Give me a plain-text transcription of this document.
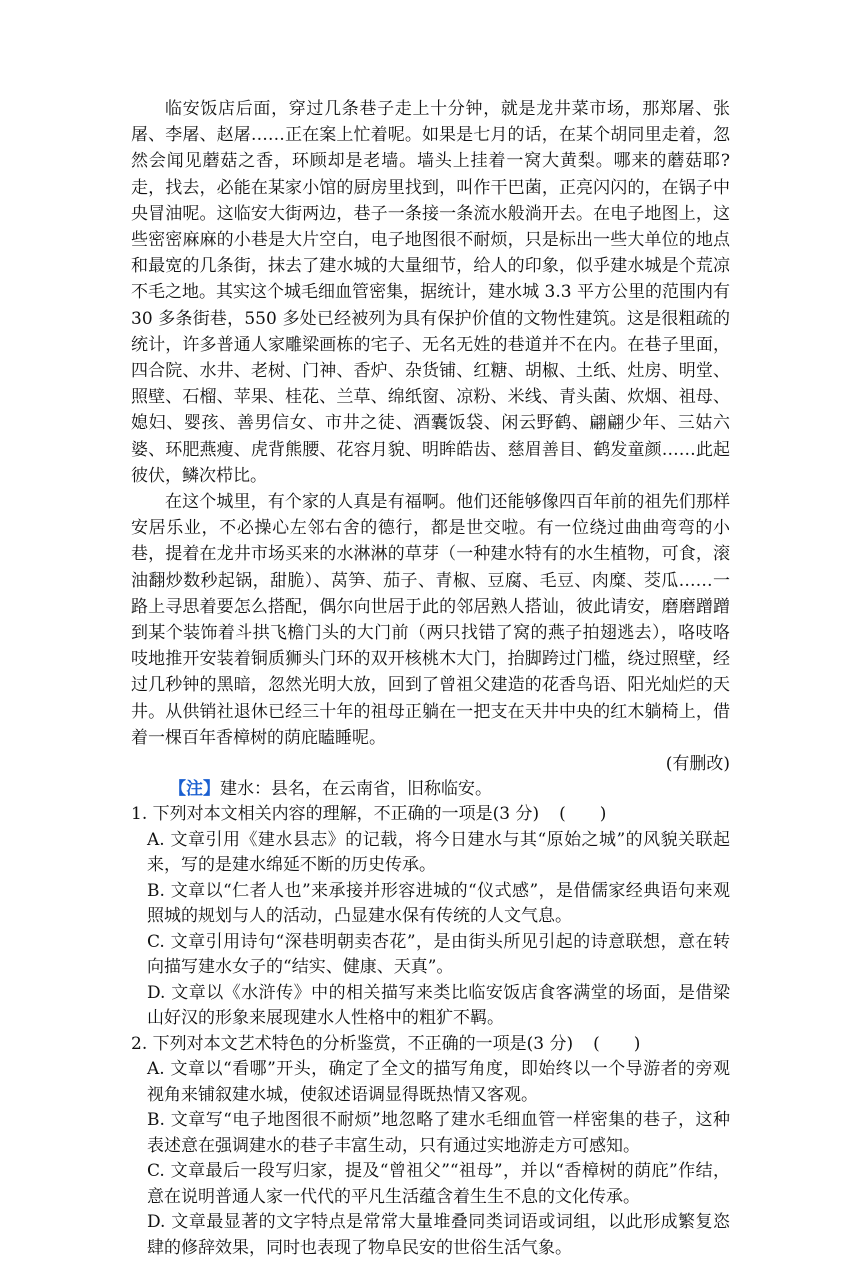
临安饭店后面，穿过几条巷子走上十分钟，就是龙井菜市场，那郑屠、张屠、李屠、赵屠……正在案上忙着呢。如果是七月的话，在某个胡同里走着，忽然会闻见蘑菇之香，环顾却是老墙。墙头上挂着一窝大黄梨。哪来的蘑菇耶?走，找去，必能在某家小馆的厨房里找到，叫作干巴菌，正亮闪闪的，在锅子中央冒油呢。这临安大街两边，巷子一条接一条流水般淌开去。在电子地图上，这些密密麻麻的小巷是大片空白，电子地图很不耐烦，只是标出一些大单位的地点和最宽的几条街，抹去了建水城的大量细节，给人的印象，似乎建水城是个荒凉不毛之地。其实这个城毛细血管密集，据统计，建水城 3.3 平方公里的范围内有 30 多条街巷，550 多处已经被列为具有保护价值的文物性建筑。这是很粗疏的统计，许多普通人家雕梁画栋的宅子、无名无姓的巷道并不在内。在巷子里面，四合院、水井、老树、门神、香炉、杂货铺、红糖、胡椒、土纸、灶房、明堂、照壁、石榴、苹果、桂花、兰草、绵纸窗、凉粉、米线、青头菌、炊烟、祖母、媳妇、婴孩、善男信女、市井之徒、酒囊饭袋、闲云野鹤、翩翩少年、三姑六婆、环肥燕瘦、虎背熊腰、花容月貌、明眸皓齿、慈眉善目、鹤发童颜……此起彼伏，鳞次栉比。

在这个城里，有个家的人真是有福啊。他们还能够像四百年前的祖先们那样安居乐业，不必操心左邻右舍的德行，都是世交啦。有一位绕过曲曲弯弯的小巷，提着在龙井市场买来的水淋淋的草芽（一种建水特有的水生植物，可食，滚油翻炒数秒起锅，甜脆）、莴笋、茄子、青椒、豆腐、毛豆、肉糜、茭瓜……一路上寻思着要怎么搭配，偶尔向世居于此的邻居熟人搭讪，彼此请安，磨磨蹭蹭到某个装饰着斗拱飞檐门头的大门前（两只找错了窝的燕子拍翅逃去），咯吱咯吱地推开安装着铜质狮头门环的双开核桃木大门，抬脚跨过门槛，绕过照壁，经过几秒钟的黑暗，忽然光明大放，回到了曾祖父建造的花香鸟语、阳光灿烂的天井。从供销社退休已经三十年的祖母正躺在一把支在天井中央的红木躺椅上，借着一棵百年香樟树的荫庇瞌睡呢。

(有删改)

【注】建水：县名，在云南省，旧称临安。

1. 下列对本文相关内容的理解，不正确的一项是(3 分) (　　)

A. 文章引用《建水县志》的记载，将今日建水与其“原始之城”的风貌关联起来，写的是建水绵延不断的历史传承。

B. 文章以“仁者人也”来承接并形容进城的“仪式感”，是借儒家经典语句来观照城的规划与人的活动，凸显建水保有传统的人文气息。

C. 文章引用诗句“深巷明朝卖杏花”，是由街头所见引起的诗意联想，意在转向描写建水女子的“结实、健康、天真”。

D. 文章以《水浒传》中的相关描写来类比临安饭店食客满堂的场面，是借梁山好汉的形象来展现建水人性格中的粗犷不羁。

2. 下列对本文艺术特色的分析鉴赏，不正确的一项是(3 分) (　　)

A. 文章以“看哪”开头，确定了全文的描写角度，即始终以一个导游者的旁观视角来铺叙建水城，使叙述语调显得既热情又客观。

B. 文章写“电子地图很不耐烦”地忽略了建水毛细血管一样密集的巷子，这种表述意在强调建水的巷子丰富生动，只有通过实地游走方可感知。

C. 文章最后一段写归家，提及“曾祖父”“祖母”，并以“香樟树的荫庇”作结，意在说明普通人家一代代的平凡生活蕴含着生生不息的文化传承。

D. 文章最显著的文字特点是常常大量堆叠同类词语或词组，以此形成繁复恣肆的修辞效果，同时也表现了物阜民安的世俗生活气象。
